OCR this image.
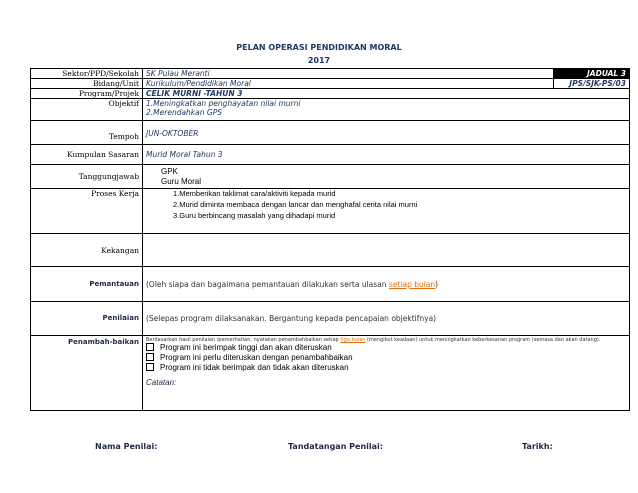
PELAN OPERASI PENDIDIKAN MORAL
2017
Sektor/PPD/Sekolah	SK Pulau Meranti	JADUAL 3
Bidang/Unit	Kurikulum/Pendidikan Moral	JPS/SJK-PS/03
Program/Projek	CELIK MURNI -TAHUN 3	
Objektif	1.Meningkatkan penghayatan nilai murni
2.Merendahkan GPS	

Tempoh	JUN-OKTOBER	
Kumpulan Sasaran	Murid Moral Tahun 3	
Tanggungjawab	GPK
Guru Moral	

Proses Kerja	1.Memberikan taklimat cara/aktiviti kepada murid
2.Murid diminta membaca dengan lancar dan menghafal cerita nilai murni
3.Guru berbincang masalah yang dihadapi murid	

Kekangan		
Pemantauan	(Oleh siapa dan bagaimana pemantauan dilakukan serta ulasan setiap bulan)	
Penilaian	(Selepas program dilaksanakan. Bergantung kepada pencapaian objektifnya)	
Penambah-baikan	Berdasarkan hasil penilaian /pemerhatian, nyatakan penambahbaikan setiap tiga bulan (mengikut keadaan) untuk meningkatkan keberkesanan program (semasa dan akan datang).
Program ini berimpak tinggi dan akan diteruskan
Program ini perlu diteruskan dengan penambahbaikan
Program ini tidak berimpak dan tidak akan diteruskan
Catatan:	
Nama Penilai:	Tandatangan Penilai:	Tarikh:
